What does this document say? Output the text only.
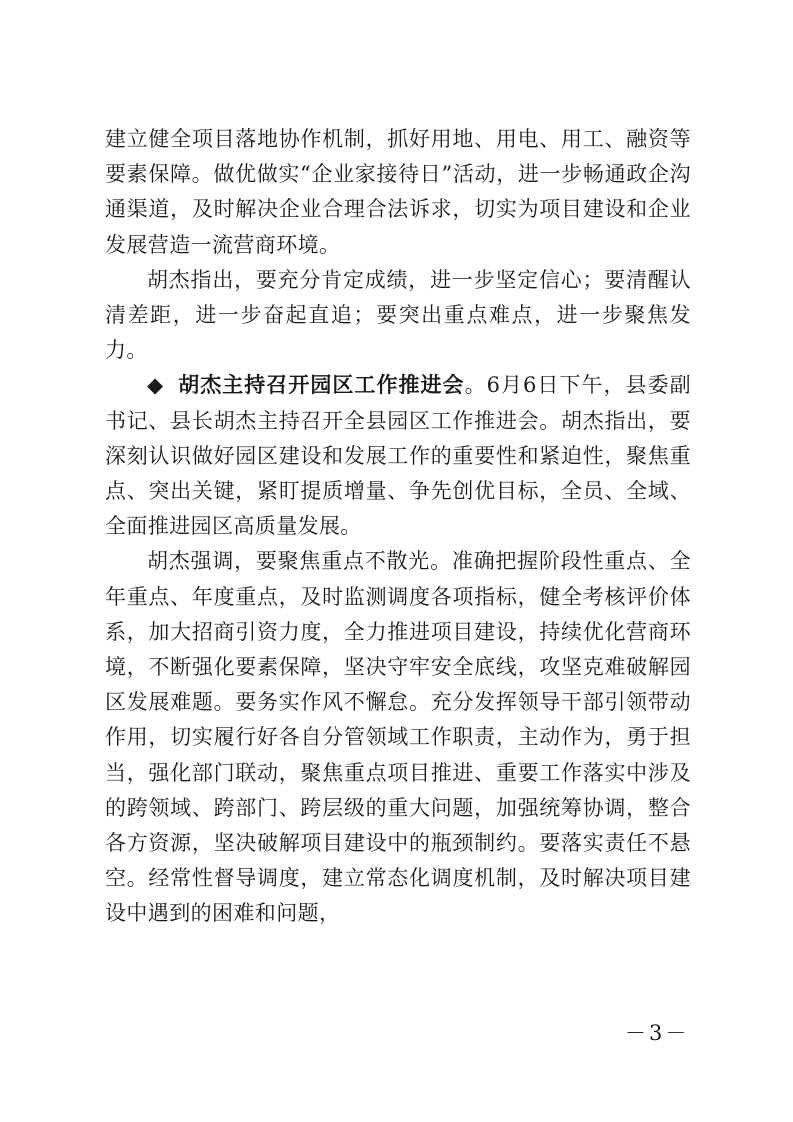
建立健全项目落地协作机制，抓好用地、用电、用工、融资等要素保障。做优做实“企业家接待日”活动，进一步畅通政企沟通渠道，及时解决企业合理合法诉求，切实为项目建设和企业发展营造一流营商环境。

胡杰指出，要充分肯定成绩，进一步坚定信心；要清醒认清差距，进一步奋起直追；要突出重点难点，进一步聚焦发力。

◆ 胡杰主持召开园区工作推进会。6月6日下午，县委副书记、县长胡杰主持召开全县园区工作推进会。胡杰指出，要深刻认识做好园区建设和发展工作的重要性和紧迫性，聚焦重点、突出关键，紧盯提质增量、争先创优目标，全员、全域、全面推进园区高质量发展。

胡杰强调，要聚焦重点不散光。准确把握阶段性重点、全年重点、年度重点，及时监测调度各项指标，健全考核评价体系，加大招商引资力度，全力推进项目建设，持续优化营商环境，不断强化要素保障，坚决守牢安全底线，攻坚克难破解园区发展难题。要务实作风不懈怠。充分发挥领导干部引领带动作用，切实履行好各自分管领域工作职责，主动作为，勇于担当，强化部门联动，聚焦重点项目推进、重要工作落实中涉及的跨领域、跨部门、跨层级的重大问题，加强统筹协调，整合各方资源，坚决破解项目建设中的瓶颈制约。要落实责任不悬空。经常性督导调度，建立常态化调度机制，及时解决项目建设中遇到的困难和问题，

－3－
